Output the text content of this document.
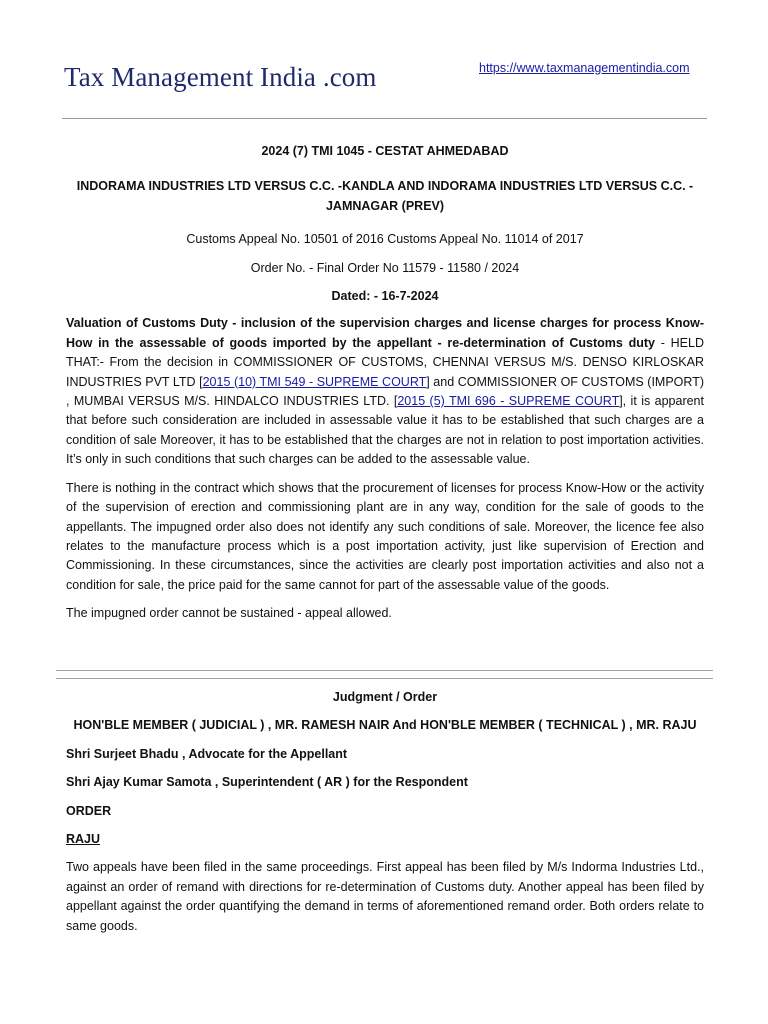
Tax Management India .com	https://www.taxmanagementindia.com

2024 (7) TMI 1045 - CESTAT AHMEDABAD

INDORAMA INDUSTRIES LTD VERSUS C.C. -KANDLA AND INDORAMA INDUSTRIES LTD VERSUS C.C. -JAMNAGAR (PREV)

Customs Appeal No. 10501 of 2016 Customs Appeal No. 11014 of 2017

Order No. - Final Order No 11579 - 11580 / 2024

Dated: - 16-7-2024

Valuation of Customs Duty - inclusion of the supervision charges and license charges for process Know-How in the assessable of goods imported by the appellant - re-determination of Customs duty - HELD THAT:- From the decision in COMMISSIONER OF CUSTOMS, CHENNAI VERSUS M/S. DENSO KIRLOSKAR INDUSTRIES PVT LTD [2015 (10) TMI 549 - SUPREME COURT] and COMMISSIONER OF CUSTOMS (IMPORT) , MUMBAI VERSUS M/S. HINDALCO INDUSTRIES LTD. [2015 (5) TMI 696 - SUPREME COURT], it is apparent that before such consideration are included in assessable value it has to be established that such charges are a condition of sale Moreover, it has to be established that the charges are not in relation to post importation activities. It’s only in such conditions that such charges can be added to the assessable value.

There is nothing in the contract which shows that the procurement of licenses for process Know-How or the activity of the supervision of erection and commissioning plant are in any way, condition for the sale of goods to the appellants. The impugned order also does not identify any such conditions of sale. Moreover, the licence fee also relates to the manufacture process which is a post importation activity, just like supervision of Erection and Commissioning. In these circumstances, since the activities are clearly post importation activities and also not a condition for sale, the price paid for the same cannot for part of the assessable value of the goods.

The impugned order cannot be sustained - appeal allowed.

Judgment / Order

HON'BLE MEMBER ( JUDICIAL ) , MR. RAMESH NAIR And HON'BLE MEMBER ( TECHNICAL ) , MR. RAJU

Shri Surjeet Bhadu , Advocate for the Appellant

Shri Ajay Kumar Samota , Superintendent ( AR ) for the Respondent

ORDER

RAJU

Two appeals have been filed in the same proceedings. First appeal has been filed by M/s Indorma Industries Ltd., against an order of remand with directions for re-determination of Customs duty. Another appeal has been filed by appellant against the order quantifying the demand in terms of aforementioned remand order. Both orders relate to same goods.
